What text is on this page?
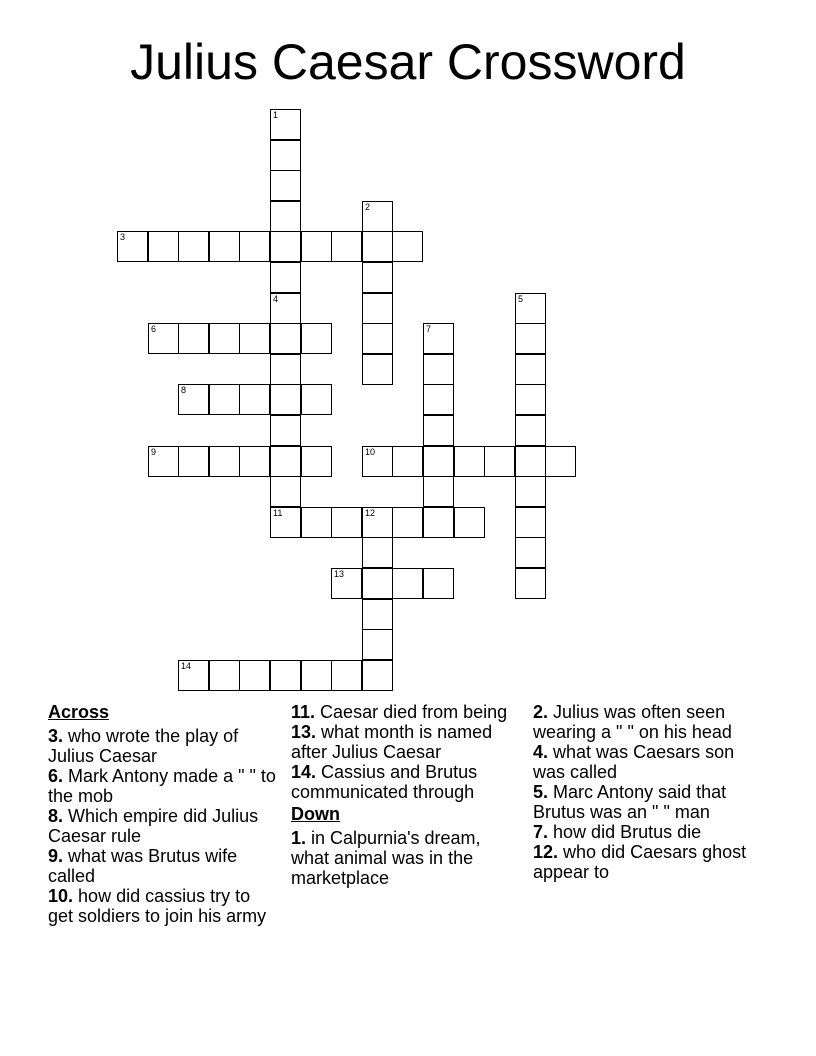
Julius Caesar Crossword
1
2
3
4
11
5
6	7
8
9	10
12
13
14
Across

3. who wrote the play of Julius Caesar

6. Mark Antony made a " " to the mob

8. Which empire did Julius Caesar rule

9. what was Brutus wife called

10. how did cassius try to get soldiers to join his army

11. Caesar died from being

13. what month is named after Julius Caesar

14. Cassius and Brutus communicated through

Down

1. in Calpurnia's dream, what animal was in the marketplace

2. Julius was often seen wearing a " " on his head

4. what was Caesars son was called

5. Marc Antony said that Brutus was an " " man

7. how did Brutus die

12. who did Caesars ghost appear to
